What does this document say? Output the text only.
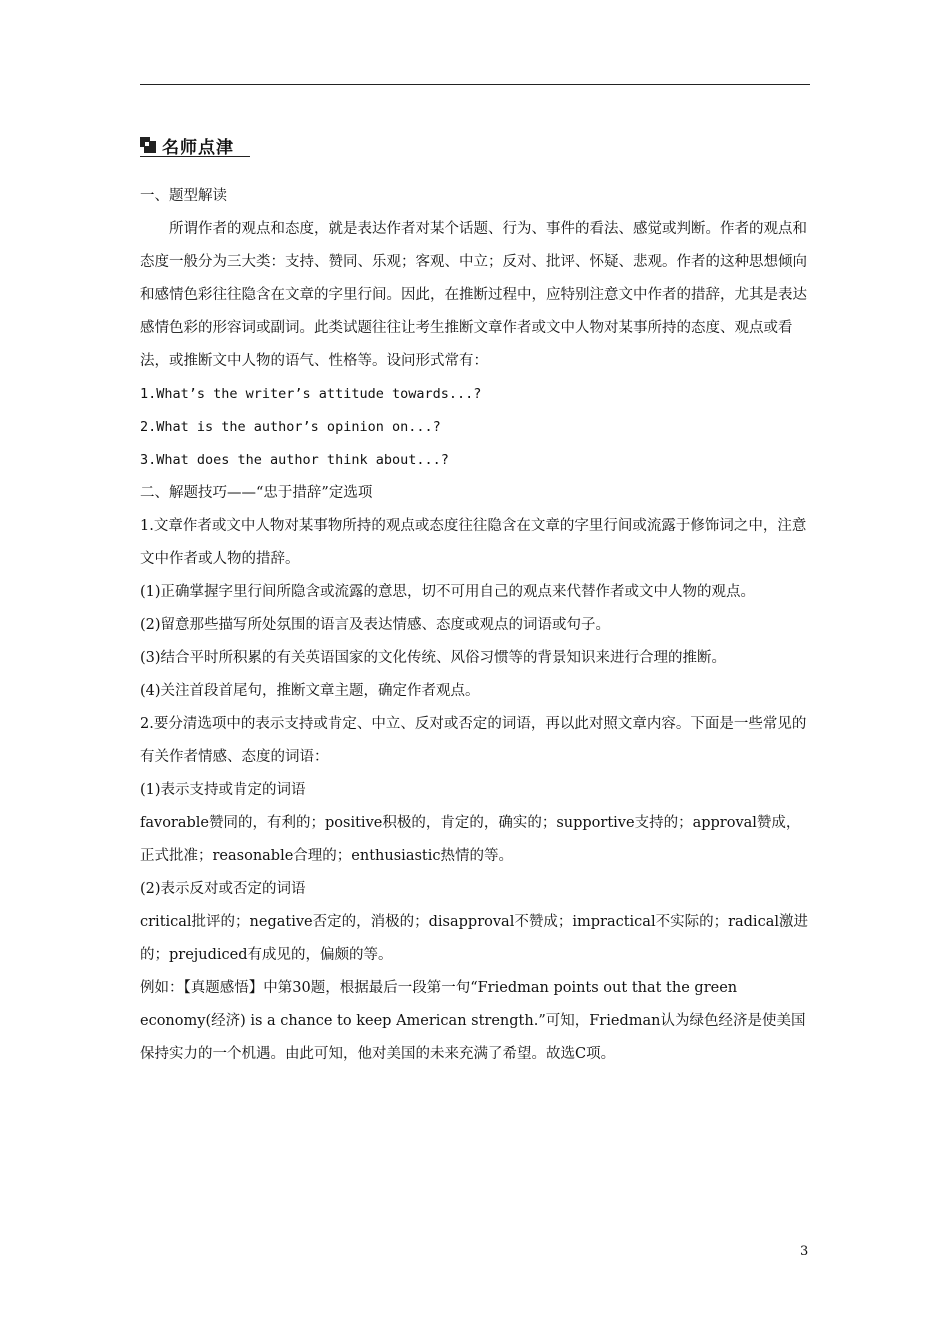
名师点津

一、题型解读

所谓作者的观点和态度，就是表达作者对某个话题、行为、事件的看法、感觉或判断。作者的观点和态度一般分为三大类：支持、赞同、乐观；客观、中立；反对、批评、怀疑、悲观。作者的这种思想倾向和感情色彩往往隐含在文章的字里行间。因此，在推断过程中，应特别注意文中作者的措辞，尤其是表达感情色彩的形容词或副词。此类试题往往让考生推断文章作者或文中人物对某事所持的态度、观点或看法，或推断文中人物的语气、性格等。设问形式常有：

1.What’s the writer’s attitude towards...?

2.What is the author’s opinion on...?

3.What does the author think about...?

二、解题技巧——“忠于措辞”定选项

1.文章作者或文中人物对某事物所持的观点或态度往往隐含在文章的字里行间或流露于修饰词之中，注意文中作者或人物的措辞。

(1)正确掌握字里行间所隐含或流露的意思，切不可用自己的观点来代替作者或文中人物的观点。

(2)留意那些描写所处氛围的语言及表达情感、态度或观点的词语或句子。

(3)结合平时所积累的有关英语国家的文化传统、风俗习惯等的背景知识来进行合理的推断。

(4)关注首段首尾句，推断文章主题，确定作者观点。

2.要分清选项中的表示支持或肯定、中立、反对或否定的词语，再以此对照文章内容。下面是一些常见的有关作者情感、态度的词语：

(1)表示支持或肯定的词语

favorable赞同的，有利的；positive积极的，肯定的，确实的；supportive支持的；approval赞成，正式批准；reasonable合理的；enthusiastic热情的等。

(2)表示反对或否定的词语

critical批评的；negative否定的，消极的；disapproval不赞成；impractical不实际的；radical激进的；prejudiced有成见的，偏颇的等。

例如：【真题感悟】中第30题，根据最后一段第一句“Friedman points out that the green economy(经济) is a chance to keep American strength.”可知，Friedman认为绿色经济是使美国保持实力的一个机遇。由此可知，他对美国的未来充满了希望。故选C项。

3
